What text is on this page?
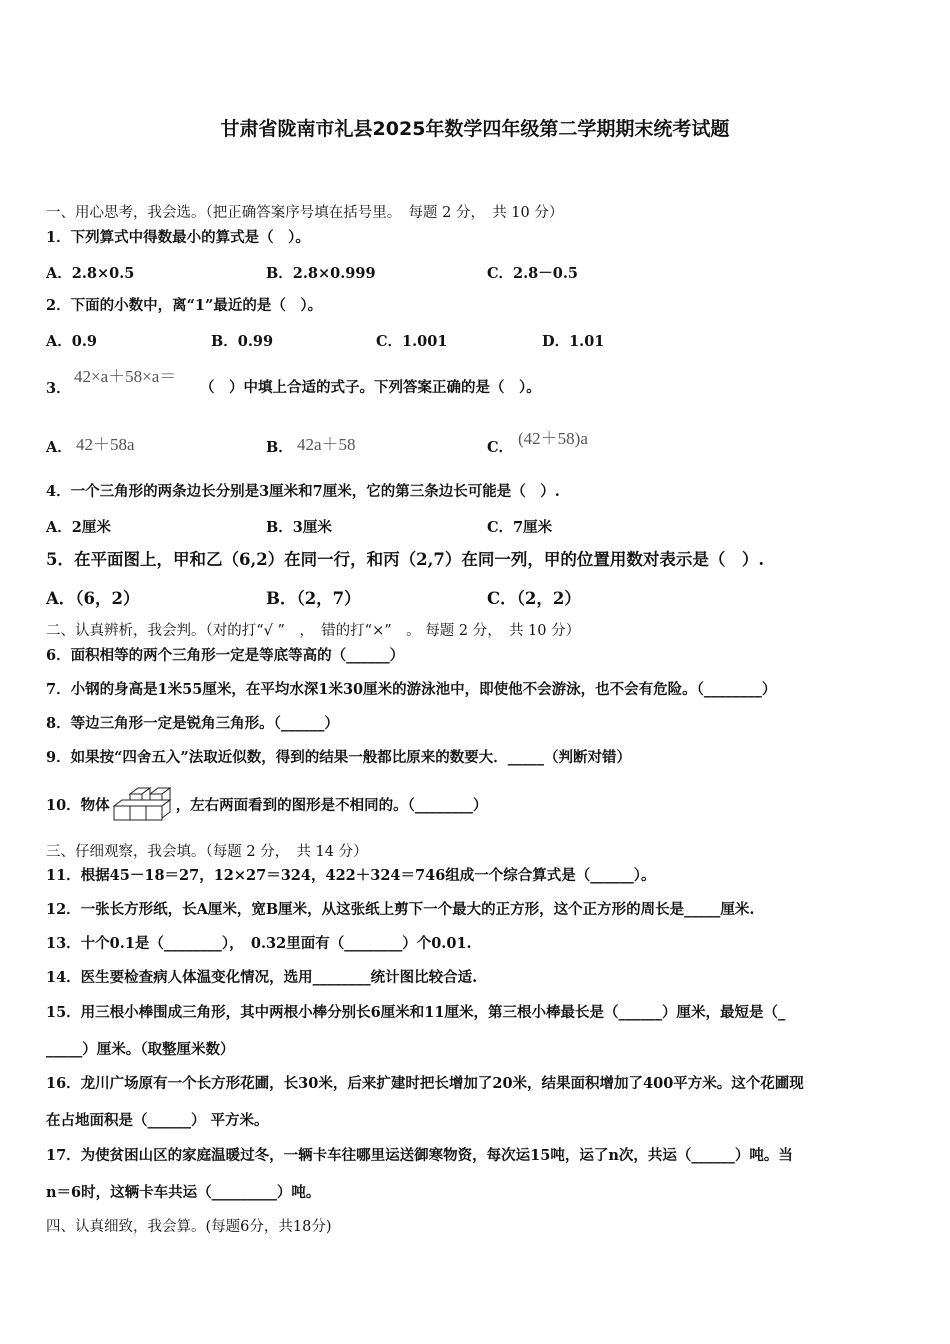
甘肃省陇南市礼县2025年数学四年级第二学期期末统考试题
一、用心思考，我会选。（把正确答案序号填在括号里。　每题 2 分，　共 10 分）
1．下列算式中得数最小的算式是（　）。
A．2.8×0.5	B．2.8×0.999	C．2.8－0.5
2．下面的小数中，离“1”最近的是（　）。
A．0.9	B．0.99	C．1.001	D．1.01
3．
42×a＋58×a＝
（　）中填上合适的式子。下列答案正确的是（　）。
A． 42＋58a	B． 42a＋58	C． (42＋58)a
4．一个三角形的两条边长分别是3厘米和7厘米，它的第三条边长可能是（　）.
A．2厘米	B．3厘米	C．7厘米
5．在平面图上，甲和乙（6,2）在同一行，和丙（2,7）在同一列，甲的位置用数对表示是（　）.
A．（6，2）	B．（2，7）	C．（2，2）
二、认真辨析，我会判。（对的打“√ ”　，　错的打“×”　。 每题 2 分，　共 10 分）
6．面积相等的两个三角形一定是等底等高的（______）
7．小钢的身高是1米55厘米，在平均水深1米30厘米的游泳池中，即使他不会游泳，也不会有危险。（________）
8．等边三角形一定是锐角三角形。（______）
9．如果按“四舍五入”法取近似数，得到的结果一般都比原来的数要大．_____（判断对错）
10．物体	，左右两面看到的图形是不相同的。（________）
三、仔细观察，我会填。（每题 2 分，　共 14 分）
11．根据45－18＝27，12×27＝324，422＋324＝746组成一个综合算式是（______）。
12．一张长方形纸，长A厘米，宽B厘米，从这张纸上剪下一个最大的正方形，这个正方形的周长是_____厘米.
13．十个0.1是（________），　0.32里面有（________）个0.01.
14．医生要检查病人体温变化情况，选用________统计图比较合适.
15．用三根小棒围成三角形，其中两根小棒分别长6厘米和11厘米，第三根小棒最长是（______）厘米，最短是（_
_____）厘米。（取整厘米数）
16．龙川广场原有一个长方形花圃，长30米，后来扩建时把长增加了20米，结果面积增加了400平方米。这个花圃现
在占地面积是（______） 平方米。
17．为使贫困山区的家庭温暖过冬，一辆卡车往哪里运送御寒物资，每次运15吨，运了n次，共运（______）吨。当
n＝6时，这辆卡车共运（_________）吨。
四、认真细致，我会算。(每题6分，共18分)
